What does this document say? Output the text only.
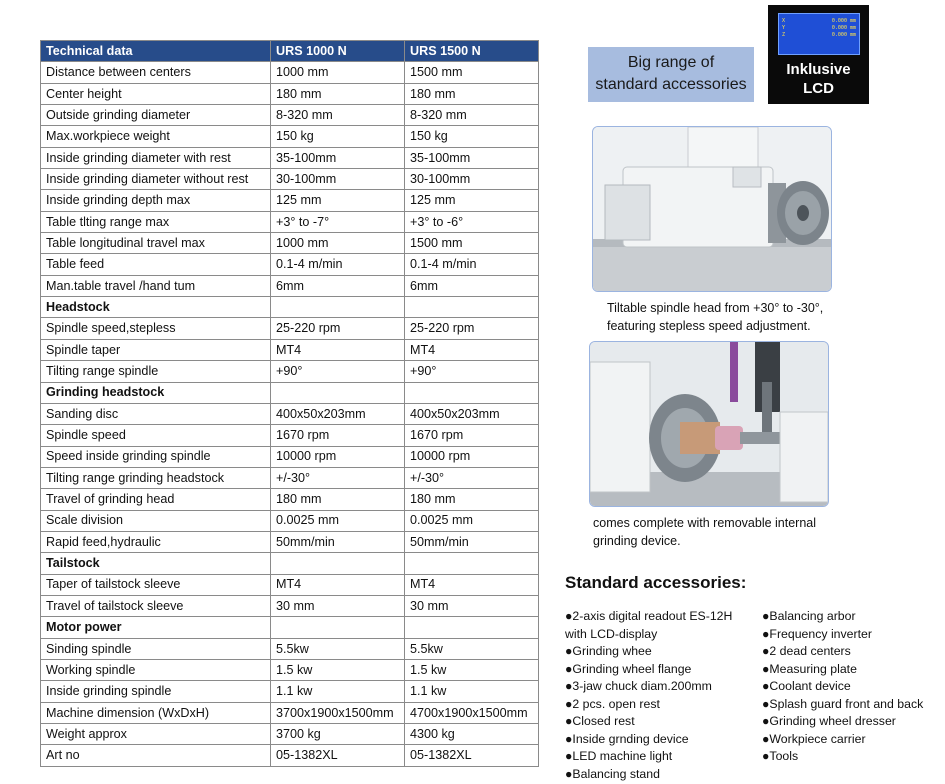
Technical data	URS 1000 N	URS 1500 N
Distance between centers	1000 mm	1500 mm
Center height	180 mm	180 mm
Outside grinding diameter	8-320 mm	8-320 mm
Max.workpiece weight	150 kg	150 kg
Inside grinding diameter with rest	35-100mm	35-100mm
Inside grinding diameter without rest	30-100mm	30-100mm
Inside grinding depth max	125 mm	125 mm
Table tlting range max	+3° to -7°	+3° to -6°
Table longitudinal travel max	1000 mm	1500 mm
Table feed	0.1-4 m/min	0.1-4 m/min
Man.table travel /hand tum	6mm	6mm
Headstock		
Spindle speed,stepless	25-220 rpm	25-220 rpm
Spindle taper	MT4	MT4
Tilting range spindle	+90°	+90°
Grinding headstock		
Sanding disc	400x50x203mm	400x50x203mm
Spindle speed	1670 rpm	1670 rpm
Speed inside grinding spindle	10000 rpm	10000 rpm
Tilting range grinding headstock	+/-30°	+/-30°
Travel of grinding head	180 mm	180 mm
Scale division	0.0025 mm	0.0025 mm
Rapid feed,hydraulic	50mm/min	50mm/min
Tailstock		
Taper of tailstock sleeve	MT4	MT4
Travel of tailstock sleeve	30 mm	30 mm
Motor power		
Sinding spindle	5.5kw	5.5kw
Working spindle	1.5 kw	1.5 kw
Inside grinding spindle	1.1 kw	1.1 kw
Machine dimension (WxDxH)	3700x1900x1500mm	4700x1900x1500mm
Weight approx	3700 kg	4300 kg
Art no	05-1382XL	05-1382XL
Big range of
standard accessories
X	0.000 mm
Y	0.000 mm
Z	0.000 mm
Inklusive
LCD
Tiltable spindle head from +30° to -30°,
featuring stepless speed adjustment.
comes complete with removable internal
grinding device.
Standard accessories:
●2-axis digital readout ES-12H
with LCD-display
●Grinding whee
●Grinding wheel flange
●3-jaw chuck diam.200mm
●2 pcs. open rest
●Closed rest
●Inside grnding device
●LED machine light
●Balancing stand
●Balancing arbor
●Frequency inverter
●2 dead centers
●Measuring plate
●Coolant device
●Splash guard front and back
●Grinding wheel dresser
●Workpiece carrier
●Tools
